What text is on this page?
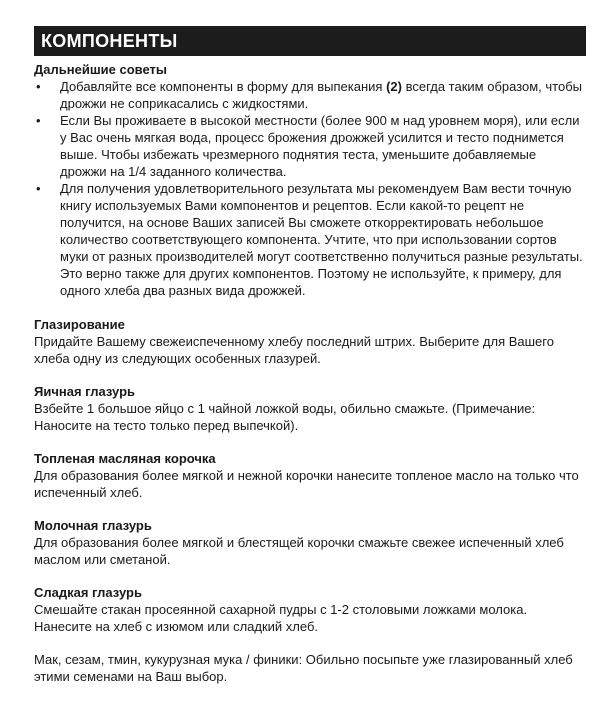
КОМПОНЕНТЫ

Дальнейшие советы

• Добавляйте все компоненты в форму для выпекания (2) всегда таким образом, чтобы дрожжи не соприкасались с жидкостями.
• Если Вы проживаете в высокой местности (более 900 м над уровнем моря), или если у Вас очень мягкая вода, процесс брожения дрожжей усилится и тесто поднимется выше. Чтобы избежать чрезмерного поднятия теста, уменьшите добавляемые дрожжи на 1/4 заданного количества.
• Для получения удовлетворительного результата мы рекомендуем Вам вести точную книгу используемых Вами компонентов и рецептов. Если какой-то рецепт не получится, на основе Ваших записей Вы сможете откорректировать небольшое количество соответствующего компонента. Учтите, что при использовании сортов муки от разных производителей могут соответственно получиться разные результаты. Это верно также для других компонентов. Поэтому не используйте, к примеру, для одного хлеба два разных вида дрожжей.

Глазирование

Придайте Вашему свежеиспеченному хлебу последний штрих. Выберите для Вашего хлеба одну из следующих особенных глазурей.

Яичная глазурь

Взбейте 1 большое яйцо с 1 чайной ложкой воды, обильно смажьте. (Примечание: Наносите на тесто только перед выпечкой).

Топленая масляная корочка

Для образования более мягкой и нежной корочки нанесите топленое масло на только что испеченный хлеб.

Молочная глазурь

Для образования более мягкой и блестящей корочки смажьте свежее испеченный хлеб маслом или сметаной.

Сладкая глазурь

Смешайте стакан просеянной сахарной пудры с 1-2 столовыми ложками молока. Нанесите на хлеб с изюмом или сладкий хлеб.

Мак, сезам, тмин, кукурузная мука / финики: Обильно посыпьте уже глазированный хлеб этими семенами на Ваш выбор.
